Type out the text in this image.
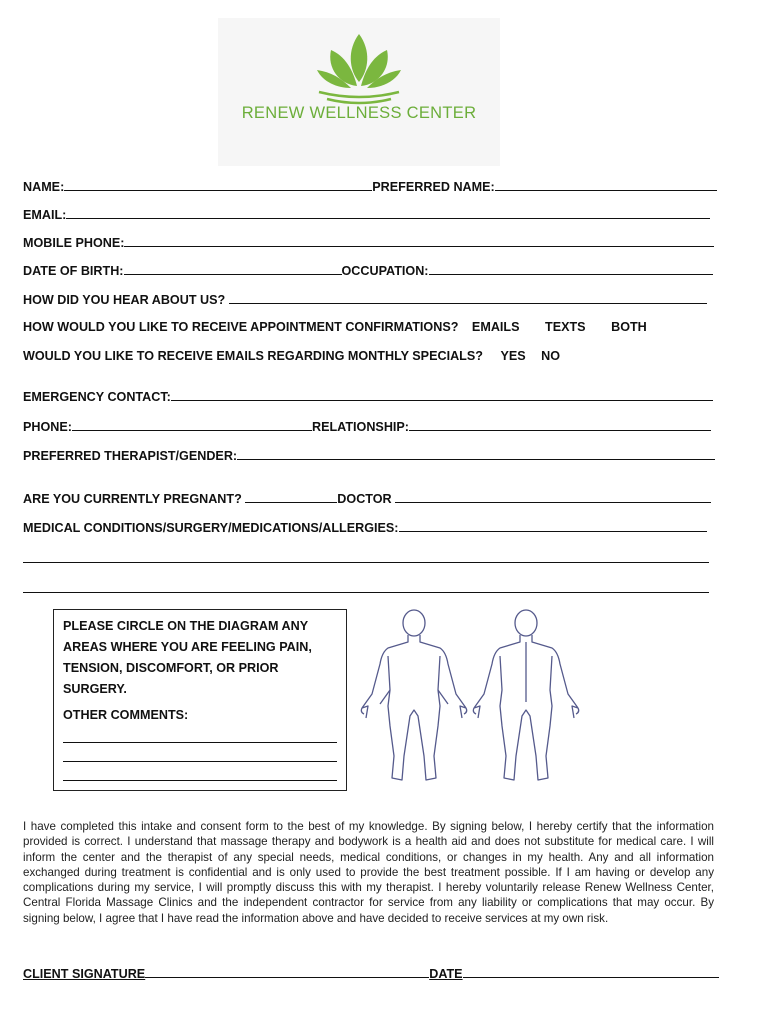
RENEW WELLNESS CENTER
NAME:	PREFERRED NAME:
EMAIL:
MOBILE PHONE:
DATE OF BIRTH:	OCCUPATION:
HOW DID YOU HEAR ABOUT US?
HOW WOULD YOU LIKE TO RECEIVE APPOINTMENT CONFIRMATIONS? EMAILS TEXTS BOTH
WOULD YOU LIKE TO RECEIVE EMAILS REGARDING MONTHLY SPECIALS? YES NO
EMERGENCY CONTACT:
PHONE:	RELATIONSHIP:
PREFERRED THERAPIST/GENDER:
ARE YOU CURRENTLY PREGNANT?	DOCTOR
MEDICAL CONDITIONS/SURGERY/MEDICATIONS/ALLERGIES:
PLEASE CIRCLE ON THE DIAGRAM ANY AREAS WHERE YOU ARE FEELING PAIN, TENSION, DISCOMFORT, OR PRIOR SURGERY.
OTHER COMMENTS:
I have completed this intake and consent form to the best of my knowledge. By signing below, I hereby certify that the information provided is correct. I understand that massage therapy and bodywork is a health aid and does not substitute for medical care. I will inform the center and the therapist of any special needs, medical conditions, or changes in my health. Any and all information exchanged during treatment is confidential and is only used to provide the best treatment possible. If I am having or develop any complications during my service, I will promptly discuss this with my therapist. I hereby voluntarily release Renew Wellness Center, Central Florida Massage Clinics and the independent contractor for service from any liability or complications that may occur. By signing below, I agree that I have read the information above and have decided to receive services at my own risk.
CLIENT SIGNATURE	DATE
